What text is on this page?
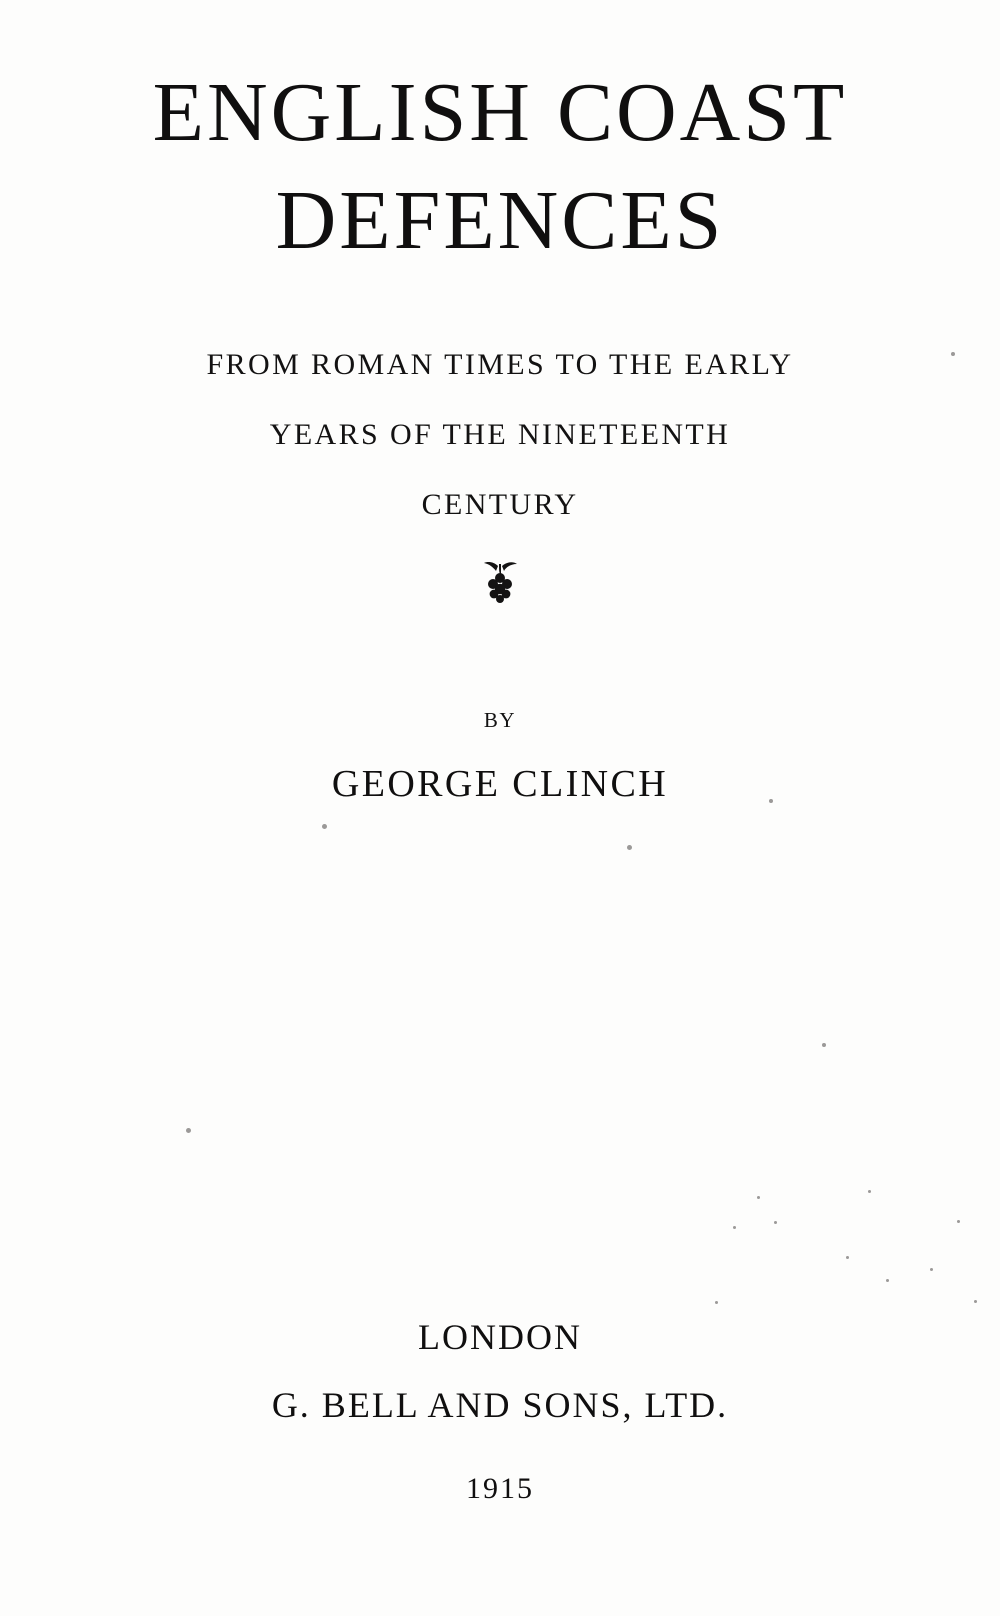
ENGLISH COAST
DEFENCES
FROM ROMAN TIMES TO THE EARLY
YEARS OF THE NINETEENTH
CENTURY
BY
GEORGE CLINCH
LONDON
G. BELL AND SONS, LTD.
1915
